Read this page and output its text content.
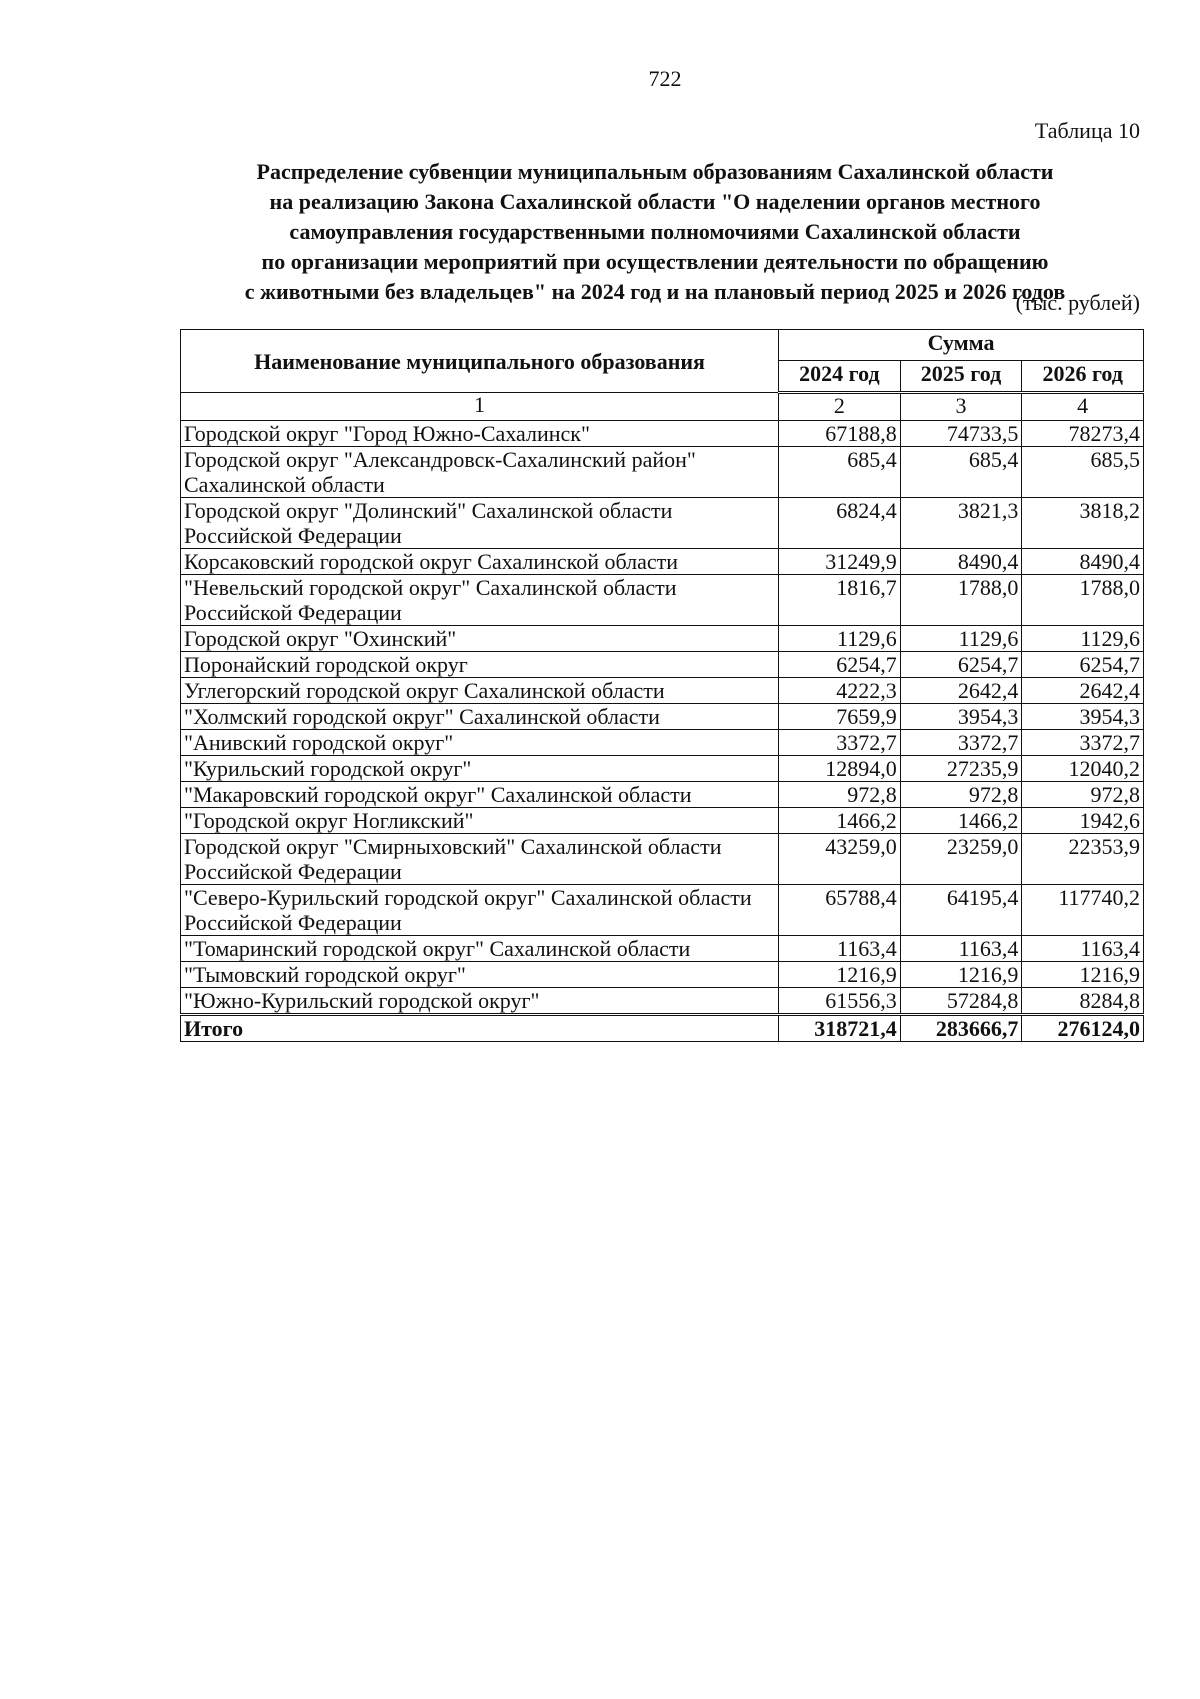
722
Таблица 10
Распределение субвенции муниципальным образованиям Сахалинской области
на реализацию Закона Сахалинской области "О наделении органов местного
самоуправления государственными полномочиями Сахалинской области
по организации мероприятий при осуществлении деятельности по обращению
с животными без владельцев" на 2024 год и на плановый период 2025 и 2026 годов
(тыс. рублей)
Наименование муниципального образования	Сумма		
	2024 год	2025 год	2026 год
1	2	3	4
Городской округ "Город Южно-Сахалинск"	67188,8	74733,5	78273,4
Городской округ "Александровск-Сахалинский район" Сахалинской области	685,4	685,4	685,5
Городской округ "Долинский" Сахалинской области Российской Федерации	6824,4	3821,3	3818,2
Корсаковский городской округ Сахалинской области	31249,9	8490,4	8490,4
"Невельский городской округ" Сахалинской области Российской Федерации	1816,7	1788,0	1788,0
Городской округ "Охинский"	1129,6	1129,6	1129,6
Поронайский городской округ	6254,7	6254,7	6254,7
Углегорский городской округ Сахалинской области	4222,3	2642,4	2642,4
"Холмский городской округ" Сахалинской области	7659,9	3954,3	3954,3
"Анивский городской округ"	3372,7	3372,7	3372,7
"Курильский городской округ"	12894,0	27235,9	12040,2
"Макаровский городской округ" Сахалинской области	972,8	972,8	972,8
"Городской округ Ногликский"	1466,2	1466,2	1942,6
Городской округ "Смирныховский" Сахалинской области Российской Федерации	43259,0	23259,0	22353,9
"Северо-Курильский городской округ" Сахалинской области Российской Федерации	65788,4	64195,4	117740,2
"Томаринский городской округ" Сахалинской области	1163,4	1163,4	1163,4
"Тымовский городской округ"	1216,9	1216,9	1216,9
"Южно-Курильский городской округ"	61556,3	57284,8	8284,8
Итого	318721,4	283666,7	276124,0
